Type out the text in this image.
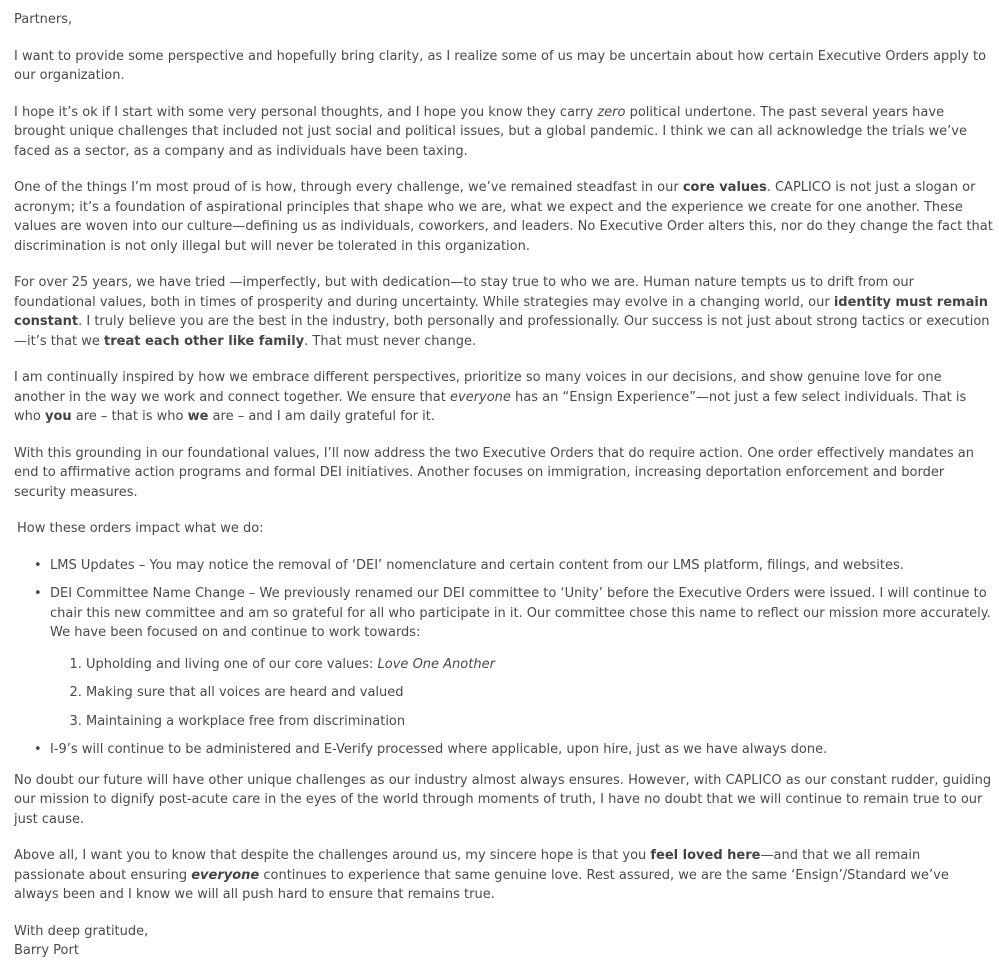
Partners,

I want to provide some perspective and hopefully bring clarity, as I realize some of us may be uncertain about how certain Executive Orders apply to our organization.

I hope it’s ok if I start with some very personal thoughts, and I hope you know they carry zero political undertone. The past several years have brought unique challenges that included not just social and political issues, but a global pandemic. I think we can all acknowledge the trials we’ve faced as a sector, as a company and as individuals have been taxing.

One of the things I’m most proud of is how, through every challenge, we’ve remained steadfast in our core values. CAPLICO is not just a slogan or acronym; it’s a foundation of aspirational principles that shape who we are, what we expect and the experience we create for one another. These values are woven into our culture—defining us as individuals, coworkers, and leaders. No Executive Order alters this, nor do they change the fact that discrimination is not only illegal but will never be tolerated in this organization.

For over 25 years, we have tried —imperfectly, but with dedication—to stay true to who we are. Human nature tempts us to drift from our foundational values, both in times of prosperity and during uncertainty. While strategies may evolve in a changing world, our identity must remain constant. I truly believe you are the best in the industry, both personally and professionally. Our success is not just about strong tactics or execution—it’s that we treat each other like family. That must never change.

I am continually inspired by how we embrace different perspectives, prioritize so many voices in our decisions, and show genuine love for one another in the way we work and connect together. We ensure that everyone has an “Ensign Experience”—not just a few select individuals. That is who you are – that is who we are – and I am daily grateful for it.

With this grounding in our foundational values, I’ll now address the two Executive Orders that do require action. One order effectively mandates an end to affirmative action programs and formal DEI initiatives. Another focuses on immigration, increasing deportation enforcement and border security measures.

How these orders impact what we do:

• LMS Updates – You may notice the removal of ‘DEI’ nomenclature and certain content from our LMS platform, filings, and websites.
• DEI Committee Name Change – We previously renamed our DEI committee to ‘Unity’ before the Executive Orders were issued. I will continue to chair this new committee and am so grateful for all who participate in it. Our committee chose this name to reflect our mission more accurately. We have been focused on and continue to work towards:
1. Upholding and living one of our core values: Love One Another
2. Making sure that all voices are heard and valued
3. Maintaining a workplace free from discrimination
• I-9’s will continue to be administered and E-Verify processed where applicable, upon hire, just as we have always done.

No doubt our future will have other unique challenges as our industry almost always ensures. However, with CAPLICO as our constant rudder, guiding our mission to dignify post-acute care in the eyes of the world through moments of truth, I have no doubt that we will continue to remain true to our just cause.

Above all, I want you to know that despite the challenges around us, my sincere hope is that you feel loved here—and that we all remain passionate about ensuring everyone continues to experience that same genuine love. Rest assured, we are the same ‘Ensign’/Standard we’ve always been and I know we will all push hard to ensure that remains true.

With deep gratitude,

Barry Port
